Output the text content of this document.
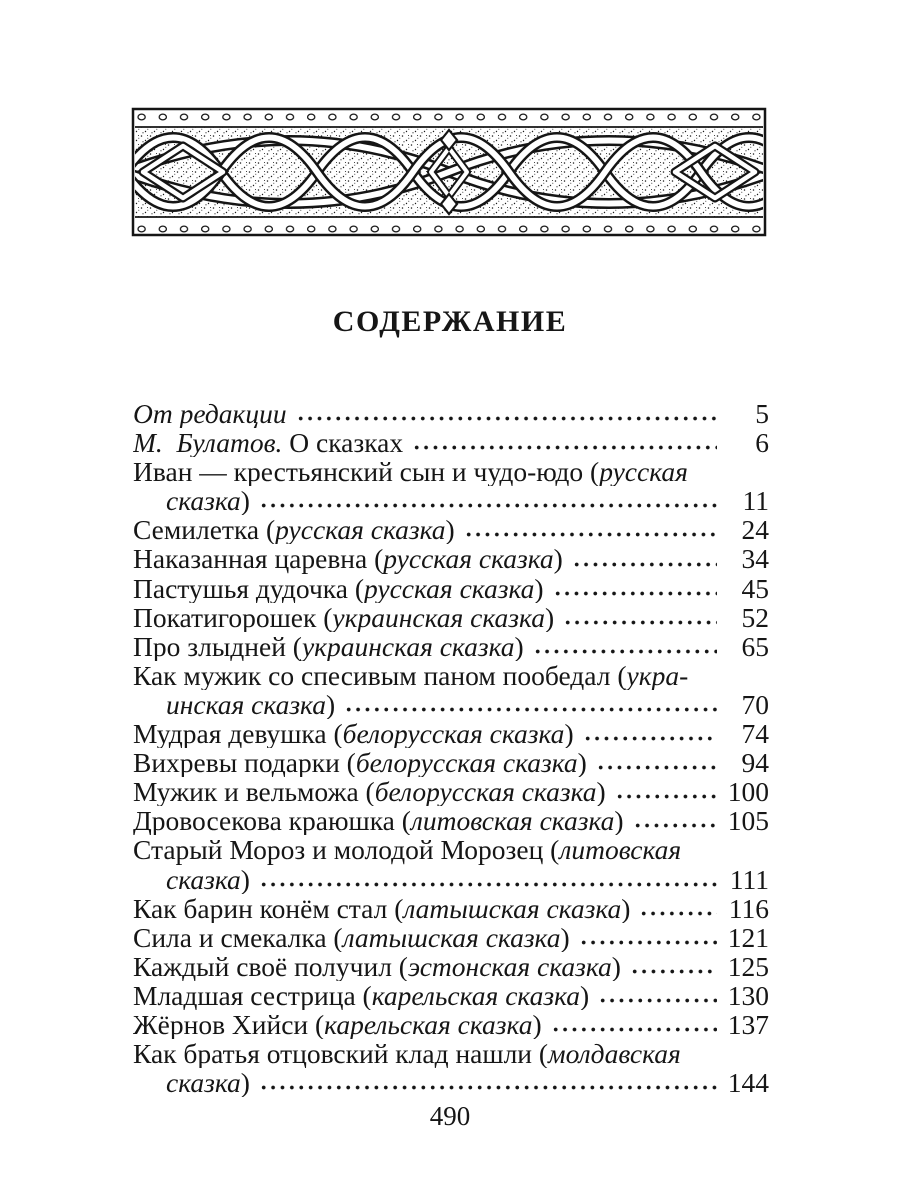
СОДЕРЖАНИЕ
От редакции	5
М. Булатов. О сказках	6
Иван — крестьянский сын и чудо-юдо (русская
сказка)	11
Семилетка (русская сказка)	24
Наказанная царевна (русская сказка)	34
Пастушья дудочка (русская сказка)	45
Покатигорошек (украинская сказка)	52
Про злыдней (украинская сказка)	65
Как мужик со спесивым паном пообедал (укра-
инская сказка)	70
Мудрая девушка (белорусская сказка)	74
Вихревы подарки (белорусская сказка)	94
Мужик и вельможа (белорусская сказка)	100
Дровосекова краюшка (литовская сказка)	105
Старый Мороз и молодой Морозец (литовская
сказка)	111
Как барин конём стал (латышская сказка)	116
Сила и смекалка (латышская сказка)	121
Каждый своё получил (эстонская сказка)	125
Младшая сестрица (карельская сказка)	130
Жёрнов Хийси (карельская сказка)	137
Как братья отцовский клад нашли (молдавская
сказка)	144
490
